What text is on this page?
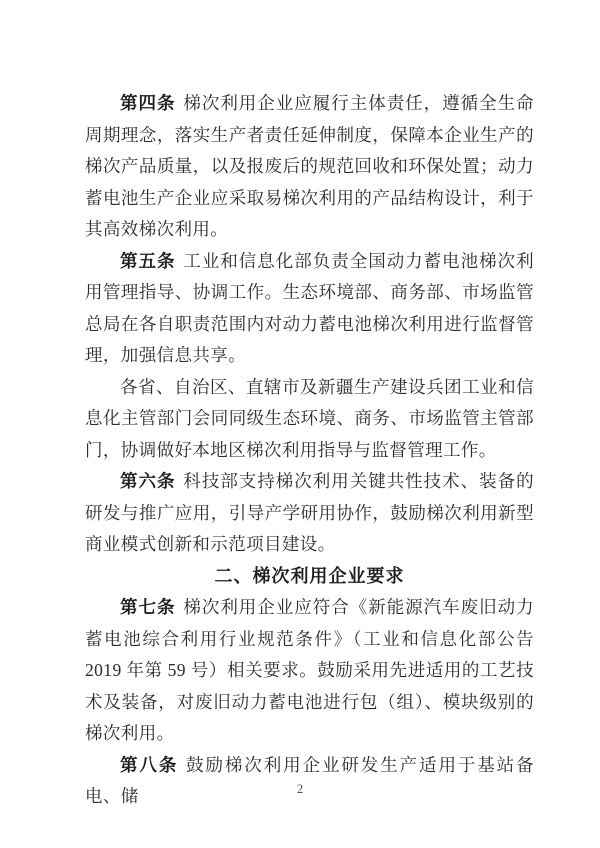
第四条 梯次利用企业应履行主体责任，遵循全生命周期理念，落实生产者责任延伸制度，保障本企业生产的梯次产品质量，以及报废后的规范回收和环保处置；动力蓄电池生产企业应采取易梯次利用的产品结构设计，利于其高效梯次利用。

第五条 工业和信息化部负责全国动力蓄电池梯次利用管理指导、协调工作。生态环境部、商务部、市场监管总局在各自职责范围内对动力蓄电池梯次利用进行监督管理，加强信息共享。

各省、自治区、直辖市及新疆生产建设兵团工业和信息化主管部门会同同级生态环境、商务、市场监管主管部门，协调做好本地区梯次利用指导与监督管理工作。

第六条 科技部支持梯次利用关键共性技术、装备的研发与推广应用，引导产学研用协作，鼓励梯次利用新型商业模式创新和示范项目建设。

二、梯次利用企业要求

第七条 梯次利用企业应符合《新能源汽车废旧动力蓄电池综合利用行业规范条件》（工业和信息化部公告 2019 年第 59 号）相关要求。鼓励采用先进适用的工艺技术及装备，对废旧动力蓄电池进行包（组）、模块级别的梯次利用。

第八条 鼓励梯次利用企业研发生产适用于基站备电、储	2
